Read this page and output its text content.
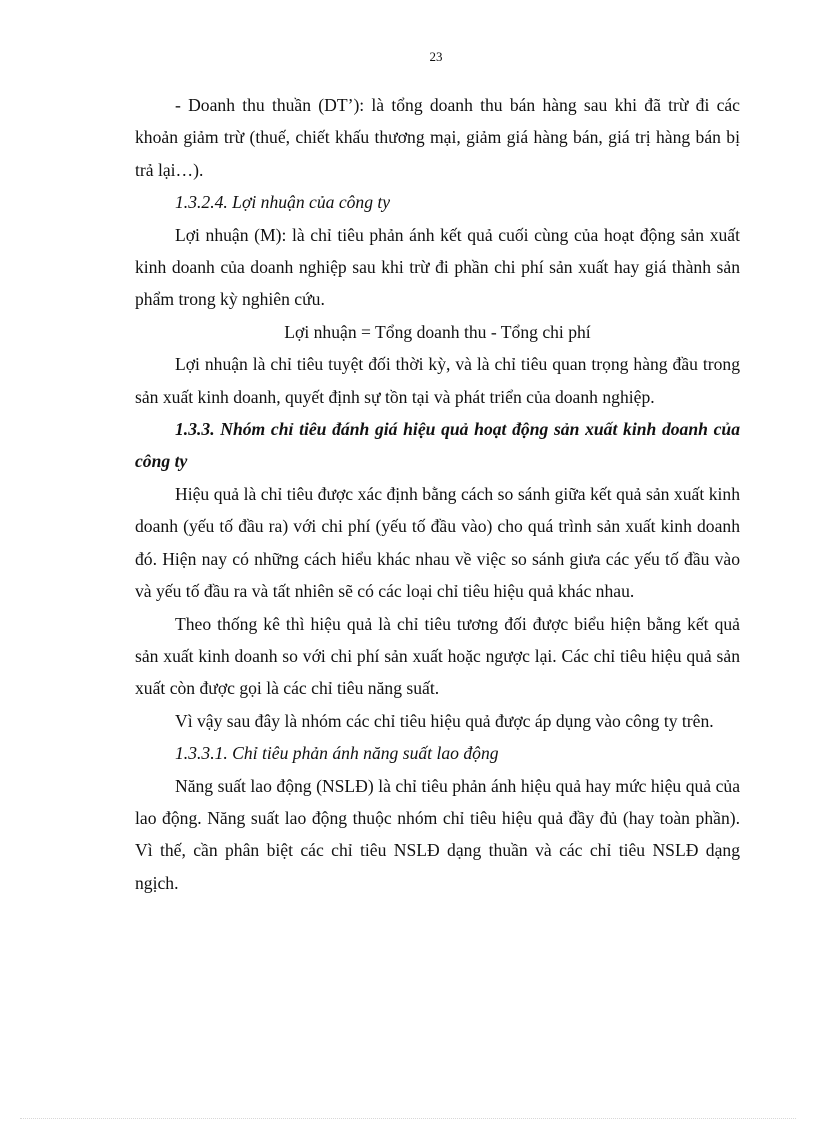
23

- Doanh thu thuần (DT’): là tổng doanh thu bán hàng sau khi đã trừ đi các khoản giảm trừ (thuế, chiết khấu thương mại, giảm giá hàng bán, giá trị hàng bán bị trả lại…).

1.3.2.4. Lợi nhuận của công ty

Lợi nhuận (M): là chỉ tiêu phản ánh kết quả cuối cùng của hoạt động sản xuất kinh doanh của doanh nghiệp sau khi trừ đi phần chi phí sản xuất hay giá thành sản phẩm trong kỳ nghiên cứu.

Lợi nhuận = Tổng doanh thu - Tổng chi phí

Lợi nhuận là chỉ tiêu tuyệt đối thời kỳ, và là chỉ tiêu quan trọng hàng đầu trong sản xuất kinh doanh, quyết định sự tồn tại và phát triển của doanh nghiệp.

1.3.3. Nhóm chỉ tiêu đánh giá hiệu quả hoạt động sản xuất kinh doanh của công ty

Hiệu quả là chỉ tiêu được xác định bằng cách so sánh giữa kết quả sản xuất kinh doanh (yếu tố đầu ra) với chi phí (yếu tố đầu vào) cho quá trình sản xuất kinh doanh đó. Hiện nay có những cách hiểu khác nhau về việc so sánh giưa các yếu tố đầu vào và yếu tố đầu ra và tất nhiên sẽ có các loại chỉ tiêu hiệu quả khác nhau.

Theo thống kê thì hiệu quả là chỉ tiêu tương đối được biểu hiện bằng kết quả sản xuất kinh doanh so với chi phí sản xuất hoặc ngược lại. Các chỉ tiêu hiệu quả sản xuất còn được gọi là các chỉ tiêu năng suất.

Vì vậy sau đây là nhóm các chỉ tiêu hiệu quả được áp dụng vào công ty trên.

1.3.3.1. Chỉ tiêu phản ánh năng suất lao động

Năng suất lao động (NSLĐ) là chỉ tiêu phản ánh hiệu quả hay mức hiệu quả của lao động. Năng suất lao động thuộc nhóm chỉ tiêu hiệu quả đầy đủ (hay toàn phần). Vì thế, cần phân biệt các chỉ tiêu NSLĐ dạng thuần và các chỉ tiêu NSLĐ dạng ngịch.
